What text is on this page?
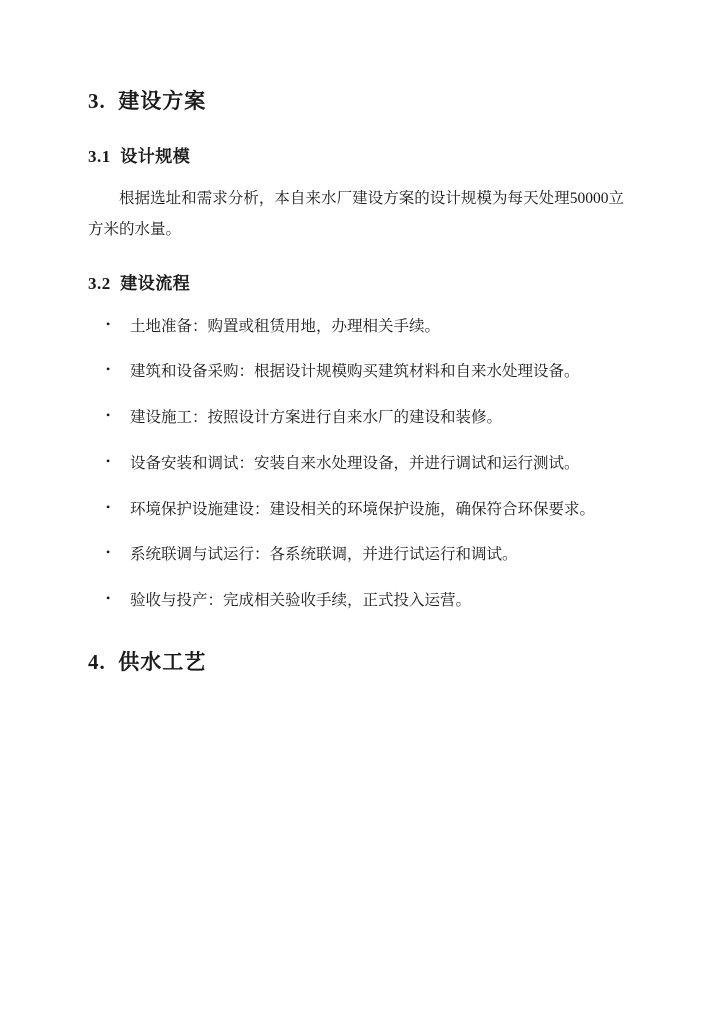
3. 建设方案
3.1 设计规模

根据选址和需求分析，本自来水厂建设方案的设计规模为每天处理50000立方米的水量。

3.2 建设流程
• 土地准备：购置或租赁用地，办理相关手续。
• 建筑和设备采购：根据设计规模购买建筑材料和自来水处理设备。
• 建设施工：按照设计方案进行自来水厂的建设和装修。
• 设备安装和调试：安装自来水处理设备，并进行调试和运行测试。
• 环境保护设施建设：建设相关的环境保护设施，确保符合环保要求。
• 系统联调与试运行：各系统联调，并进行试运行和调试。
• 验收与投产：完成相关验收手续，正式投入运营。
4. 供水工艺
